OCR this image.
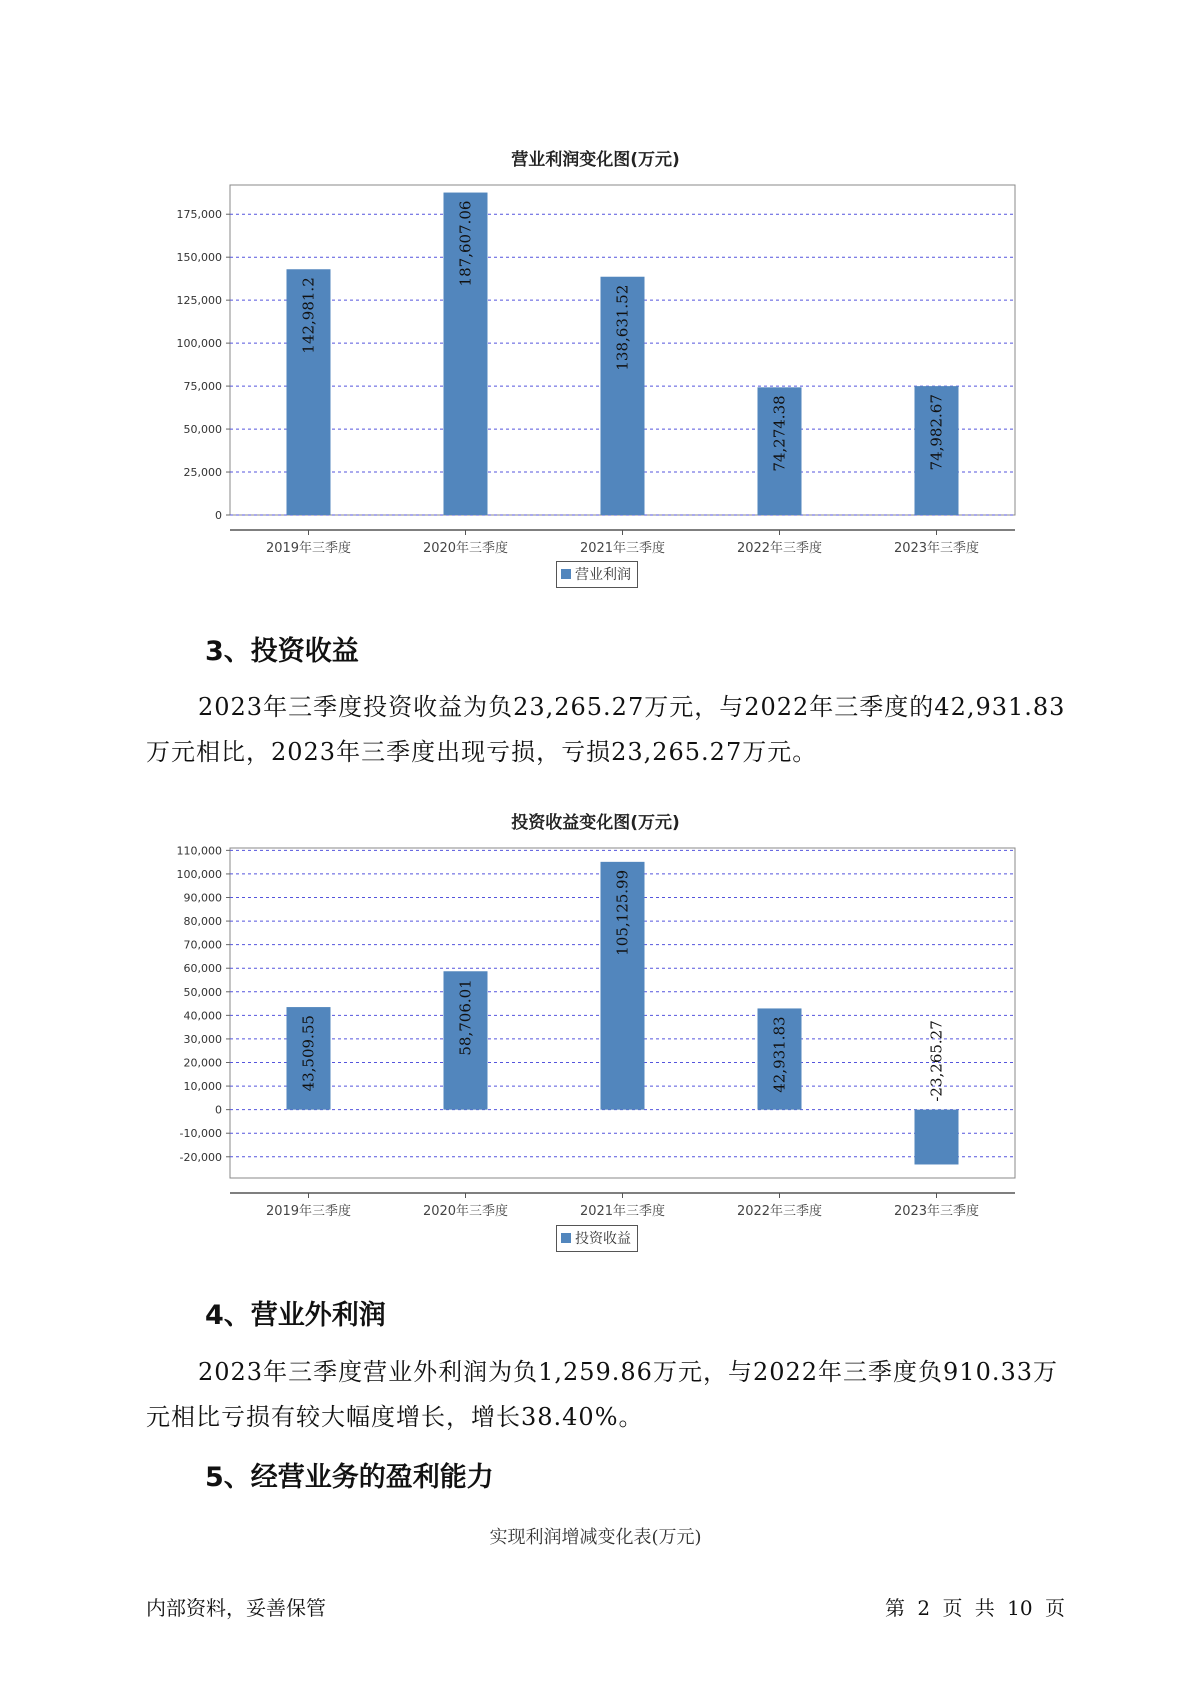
营业利润变化图(万元)
0
25,000
50,000
75,000
100,000
125,000
150,000
175,000
142,981.2
2019年三季度
187,607.06
2020年三季度
138,631.52
2021年三季度
74,274.38
2022年三季度
74,982.67
2023年三季度
营业利润
3、投资收益
2023年三季度投资收益为负23,265.27万元，与2022年三季度的42,931.83万元相比，2023年三季度出现亏损，亏损23,265.27万元。
投资收益变化图(万元)
-20,000
-10,000
0
10,000
20,000
30,000
40,000
50,000
60,000
70,000
80,000
90,000
100,000
110,000
43,509.55
2019年三季度
58,706.01
2020年三季度
105,125.99
2021年三季度
42,931.83
2022年三季度
-23,265.27
2023年三季度
投资收益
4、营业外利润
2023年三季度营业外利润为负1,259.86万元，与2022年三季度负910.33万元相比亏损有较大幅度增长，增长38.40%。
5、经营业务的盈利能力
实现利润增减变化表(万元)
内部资料，妥善保管	第 2 页 共 10 页
